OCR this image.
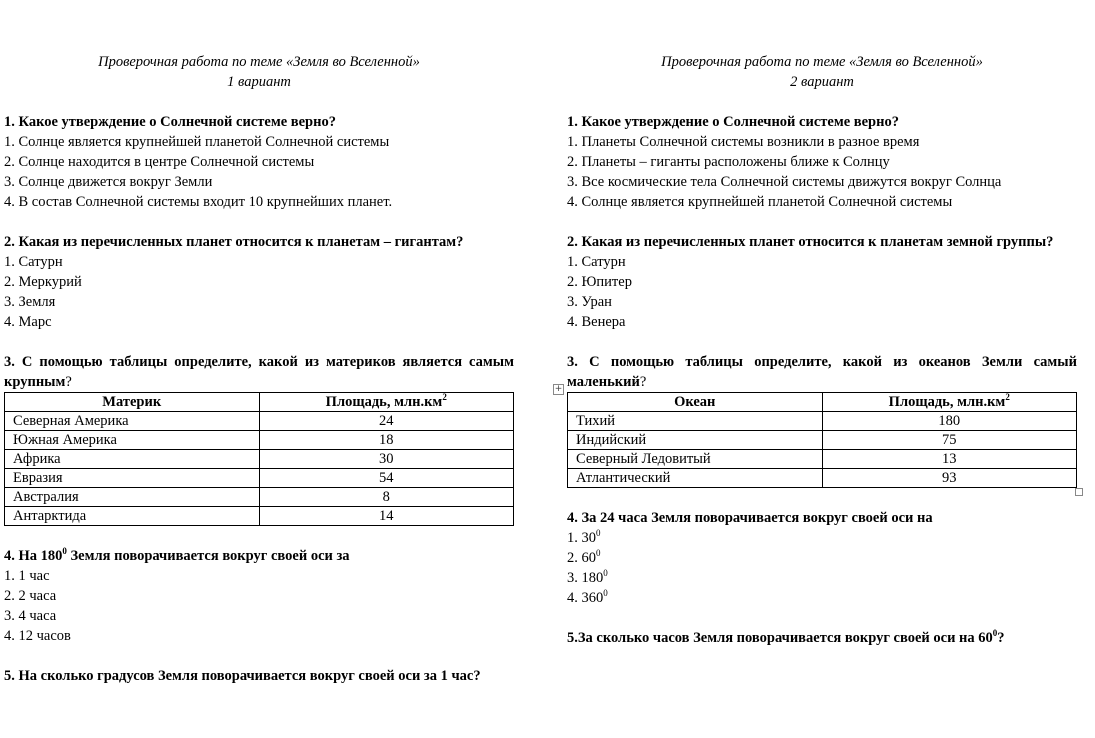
Проверочная работа по теме «Земля во Вселенной»
1 вариант
1. Какое утверждение о Солнечной системе верно?
1. Солнце является крупнейшей планетой Солнечной системы
2. Солнце находится в центре Солнечной системы
3. Солнце движется вокруг Земли
4. В состав Солнечной системы входит 10 крупнейших планет.
2. Какая из перечисленных планет относится к планетам – гигантам?
1. Сатурн
2. Меркурий
3. Земля
4. Марс
3. С помощью таблицы определите, какой из материков является самым крупным?
Материк	Площадь, $млн.км^2$
Северная Америка	24
Южная Америка	18
Африка	30
Евразия	54
Австралия	8
Антарктида	14
4. На $180^0$ Земля поворачивается вокруг своей оси за
1. 1 час
2. 2 часа
3. 4 часа
4. 12 часов
5. На сколько градусов Земля поворачивается вокруг своей оси за 1 час?
Проверочная работа по теме «Земля во Вселенной»
2 вариант
1. Какое утверждение о Солнечной системе верно?
1. Планеты Солнечной системы возникли в разное время
2. Планеты – гиганты расположены ближе к Солнцу
3. Все космические тела Солнечной системы движутся вокруг Солнца
4. Солнце является крупнейшей планетой Солнечной системы
2. Какая из перечисленных планет относится к планетам земной группы?
1. Сатурн
2. Юпитер
3. Уран
4. Венера
3. С помощью таблицы определите, какой из океанов Земли самый маленький?
+
Океан	Площадь, $млн.км^2$
Тихий	180
Индийский	75
Северный Ледовитый	13
Атлантический	93
4. За 24 часа Земля поворачивается вокруг своей оси на
1. $30^0$
2. $60^0$
3. $180^0$
4. $360^0$
5.За сколько часов Земля поворачивается вокруг своей оси на $60^0$?
